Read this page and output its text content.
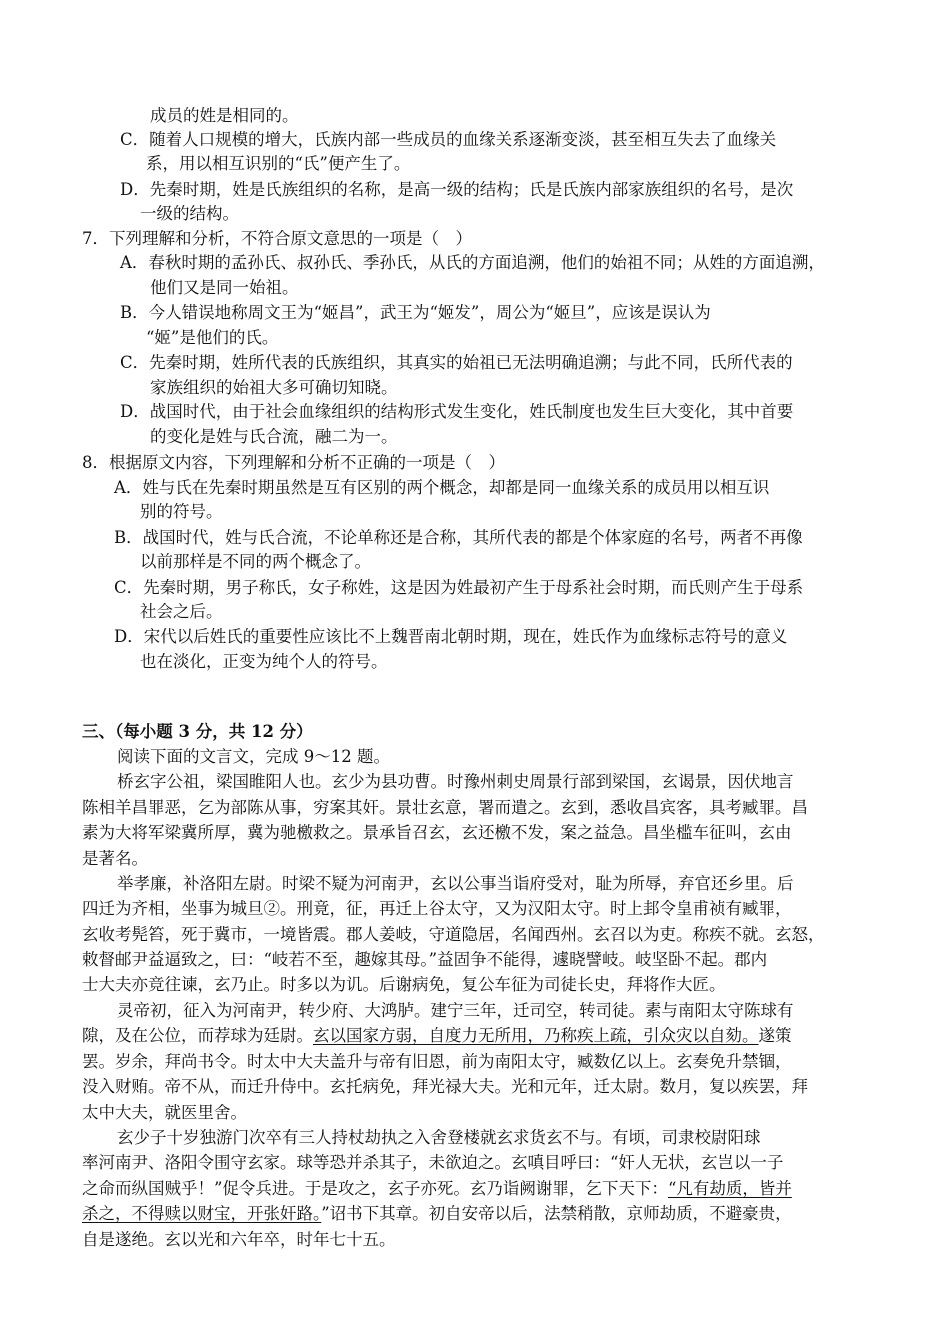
成员的姓是相同的。
C．随着人口规模的增大，氏族内部一些成员的血缘关系逐渐变淡，甚至相互失去了血缘关
系，用以相互识别的“氏”便产生了。
D．先秦时期，姓是氏族组织的名称，是高一级的结构；氏是氏族内部家族组织的名号，是次
一级的结构。
7．下列理解和分析，不符合原文意思的一项是（　）
A．春秋时期的孟孙氏、叔孙氏、季孙氏，从氏的方面追溯，他们的始祖不同；从姓的方面追溯，
他们又是同一始祖。
B．今人错误地称周文王为“姬昌”，武王为“姬发”，周公为“姬旦”，应该是误认为
“姬”是他们的氏。
C．先秦时期，姓所代表的氏族组织，其真实的始祖已无法明确追溯；与此不同，氏所代表的
家族组织的始祖大多可确切知晓。
D．战国时代，由于社会血缘组织的结构形式发生变化，姓氏制度也发生巨大变化，其中首要
的变化是姓与氏合流，融二为一。
8．根据原文内容，下列理解和分析不正确的一项是（　）
A．姓与氏在先秦时期虽然是互有区别的两个概念，却都是同一血缘关系的成员用以相互识
别的符号。
B．战国时代，姓与氏合流，不论单称还是合称，其所代表的都是个体家庭的名号，两者不再像
以前那样是不同的两个概念了。
C．先秦时期，男子称氏，女子称姓，这是因为姓最初产生于母系社会时期，而氏则产生于母系
社会之后。
D．宋代以后姓氏的重要性应该比不上魏晋南北朝时期，现在，姓氏作为血缘标志符号的意义
也在淡化，正变为纯个人的符号。
三、（每小题 3 分，共 12 分）
阅读下面的文言文，完成 9～12 题。
桥玄字公祖，梁国睢阳人也。玄少为县功曹。时豫州刺史周景行部到梁国，玄谒景，因伏地言
陈相羊昌罪恶，乞为部陈从事，穷案其奸。景壮玄意，署而遣之。玄到，悉收昌宾客，具考臧罪。昌
素为大将军梁冀所厚，冀为驰檄救之。景承旨召玄，玄还檄不发，案之益急。昌坐槛车征叫，玄由
是著名。
举孝廉，补洛阳左尉。时梁不疑为河南尹，玄以公事当诣府受对，耻为所辱，弃官还乡里。后
四迁为齐相，坐事为城旦②。刑竟，征，再迁上谷太守，又为汉阳太守。时上邽令皇甫祯有臧罪，
玄收考髡笞，死于冀市，一境皆震。郡人姜岐，守道隐居，名闻西州。玄召以为吏。称疾不就。玄怒，
敕督邮尹益逼致之，曰：“岐若不至，趣嫁其母。”益固争不能得，遽晓譬岐。岐坚卧不起。郡内
士大夫亦竞往谏，玄乃止。时多以为讥。后谢病免，复公车征为司徒长史，拜将作大匠。
灵帝初，征入为河南尹，转少府、大鸿胪。建宁三年，迁司空，转司徒。素与南阳太守陈球有
隙，及在公位，而荐球为廷尉。玄以国家方弱，自度力无所用，乃称疾上疏，引众灾以自劾。遂策
罢。岁余，拜尚书令。时太中大夫盖升与帝有旧恩，前为南阳太守，臧数亿以上。玄奏免升禁锢，
没入财贿。帝不从，而迁升侍中。玄托病免，拜光禄大夫。光和元年，迁太尉。数月，复以疾罢，拜
太中大夫，就医里舍。
玄少子十岁独游门次卒有三人持杖劫执之入舍登楼就玄求货玄不与。有顷，司隶校尉阳球
率河南尹、洛阳令围守玄家。球等恐并杀其子，未欲迫之。玄嗔目呼曰：“奸人无状，玄岂以一子
之命而纵国贼乎！”促令兵进。于是攻之，玄子亦死。玄乃诣阙谢罪，乞下天下：“凡有劫质，皆并
杀之，不得赎以财宝，开张奸路。”诏书下其章。初自安帝以后，法禁稍散，京师劫质，不避豪贵，
自是遂绝。玄以光和六年卒，时年七十五。
